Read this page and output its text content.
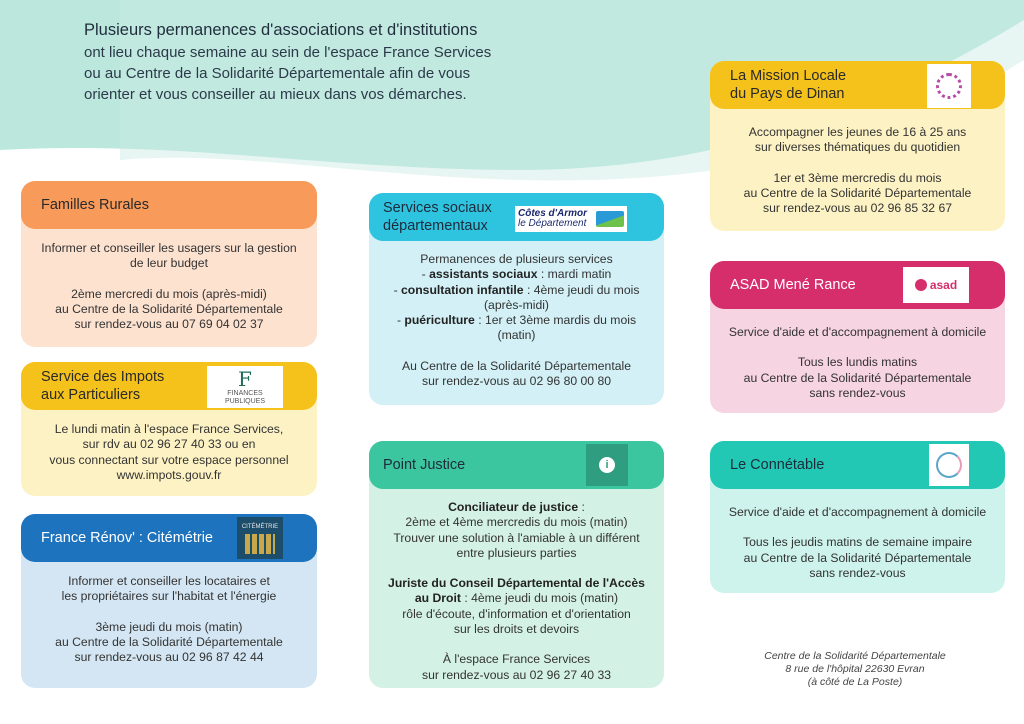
Plusieurs permanences d'associations et d'institutions
ont lieu chaque semaine au sein de l'espace France Services
ou au Centre de la Solidarité Départementale afin de vous
orienter et vous conseiller au mieux dans vos démarches.
Familles Rurales

Informer et conseiller les usagers sur la gestion
de leur budget

2ème mercredi du mois (après-midi)
au Centre de la Solidarité Départementale
sur rendez-vous au 07 69 04 02 37

Service des Impots
aux Particuliers
F
FINANCES PUBLIQUES

Le lundi matin à l'espace France Services,
sur rdv au 02 96 27 40 33 ou en
vous connectant sur votre espace personnel
www.impots.gouv.fr

France Rénov' : Citémétrie
CITÉMÉTRIE

Informer et conseiller les locataires et
les propriétaires sur l'habitat et l'énergie

3ème jeudi du mois (matin)
au Centre de la Solidarité Départementale
sur rendez-vous au 02 96 87 42 44

Services sociaux
départementaux
Côtes d'Armor
le Département

Permanences de plusieurs services
- assistants sociaux : mardi matin
- consultation infantile : 4ème jeudi du mois
(après-midi)
- puériculture : 1er et 3ème mardis du mois
(matin)

Au Centre de la Solidarité Départementale
sur rendez-vous au 02 96 80 00 80

Point Justice	i

Conciliateur de justice :
2ème et 4ème mercredis du mois (matin)
Trouver une solution à l'amiable à un différent
entre plusieurs parties

Juriste du Conseil Départemental de l'Accès
au Droit : 4ème jeudi du mois (matin)
rôle d'écoute, d'information et d'orientation
sur les droits et devoirs

À l'espace France Services
sur rendez-vous au 02 96 27 40 33

La Mission Locale
du Pays de Dinan

Accompagner les jeunes de 16 à 25 ans
sur diverses thématiques du quotidien

1er et 3ème mercredis du mois
au Centre de la Solidarité Départementale
sur rendez-vous au 02 96 85 32 67

ASAD Mené Rance	asad

Service d'aide et d'accompagnement à domicile

Tous les lundis matins
au Centre de la Solidarité Départementale
sans rendez-vous

Le Connétable

Service d'aide et d'accompagnement à domicile

Tous les jeudis matins de semaine impaire
au Centre de la Solidarité Départementale
sans rendez-vous

Centre de la Solidarité Départementale
8 rue de l'hôpital 22630 Evran
(à côté de La Poste)
